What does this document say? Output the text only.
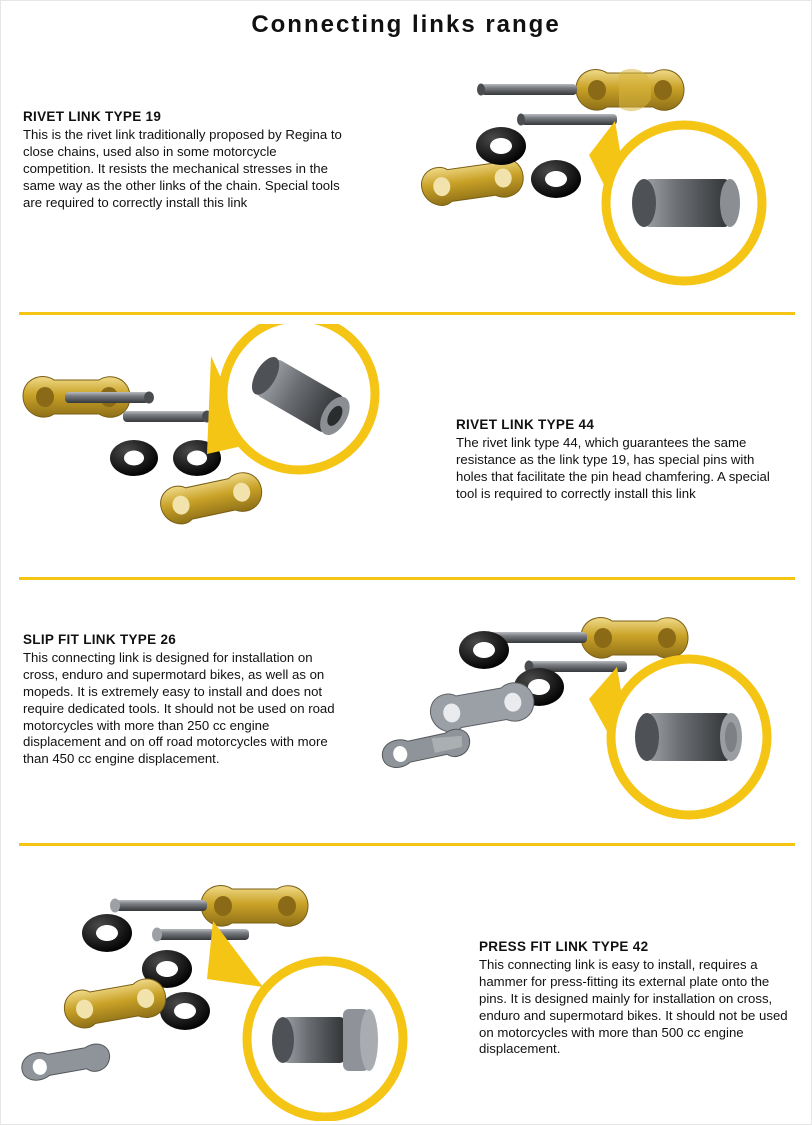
Connecting links range
RIVET LINK TYPE 19
This is the rivet link traditionally proposed by Regina to close chains, used also in some motorcycle competition. It resists the mechanical stresses in the same way as the other links of the chain. Special tools are required to correctly install this link
RIVET LINK TYPE 44
The rivet link type 44, which guarantees the same resistance as the link type 19, has special pins with holes that facilitate the pin head chamfering. A special tool is required to correctly install this link
SLIP FIT LINK TYPE 26
This connecting link is designed for installation on cross, enduro and supermotard bikes, as well as on mopeds. It is extremely easy to install and does not require dedicated tools. It should not be used on road motorcycles with more than 250 cc engine displacement and on off road motorcycles with more than 450 cc engine displacement.
PRESS FIT LINK TYPE 42
This connecting link is easy to install, requires a hammer for press-fitting its external plate onto the pins. It is designed mainly for installation on cross, enduro and supermotard bikes. It should not be used on motorcycles with more than 500 cc engine displacement.
